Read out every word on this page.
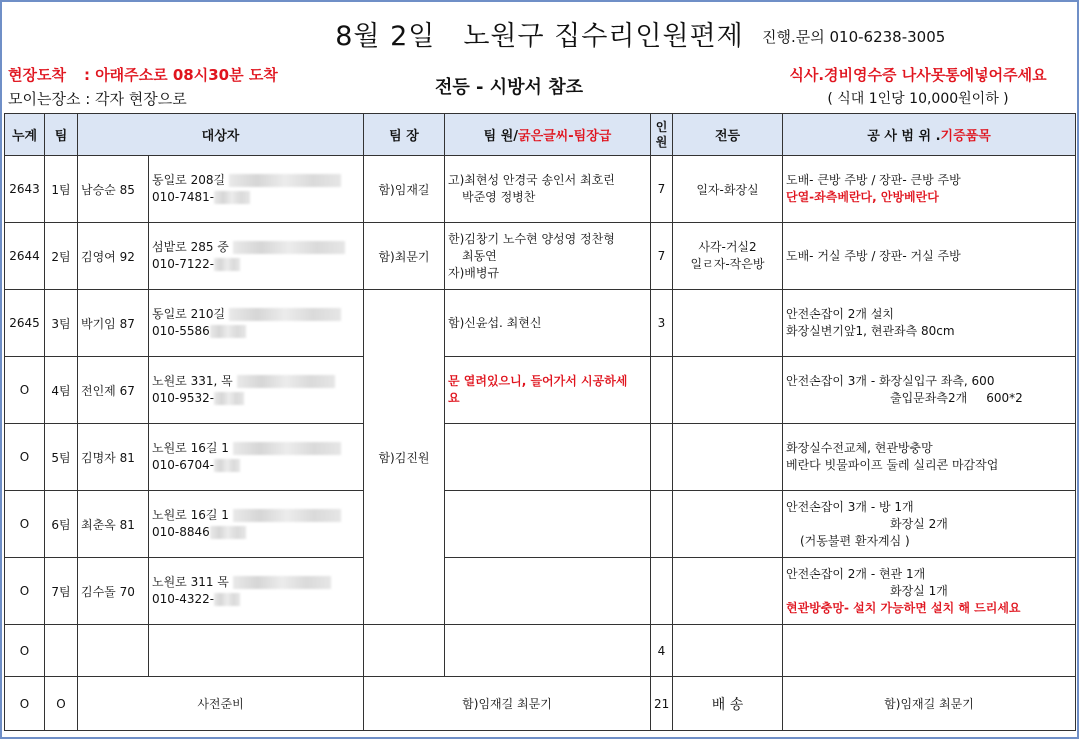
8월 2일 노원구 집수리인원편제	진행.문의 010-6238-3005
현장도착 : 아래주소로 08시30분 도착
모이는장소 : 각자 현장으로
전등 - 시방서 참조
식사.경비영수증 나사못통에넣어주세요
( 식대 1인당 10,000원이하 )
누계	팀	대상자		팀 장	팀 원/굵은글씨-팀장급	인
원	전등	공 사 범 위 .기증품목
2643	1팀	남승순 85	동일로 208길
010-7481-	함)임재길	고)최현성 안경국 송인서 최호린
박준영 정병찬	7	일자-화장실	도배- 큰방 주방 / 장판- 큰방 주방
단열-좌측베란다, 안방베란다

2644	2팀	김영여 92	섬밭로 285 중
010-7122-	함)최문기	한)김창기 노수현 양성영 정찬형
최동연
자)배병규	7	사각-거실2
일ㄹ자-작은방	도배- 거실 주방 / 장판- 거실 주방

2645	3팀	박기임 87	동일로 210길
010-5586	함)김진원	함)신윤섭. 최현신	3		안전손잡이 2개 설치
화장실변기앞1, 현관좌측 80cm

O	4팀	전인제 67	노원로 331, 목
010-9532-		문 열려있으니, 들어가서 시공하세
요			안전손잡이 3개 - 화장실입구 좌측, 600
출입문좌측2개     600*2

O	5팀	김명자 81	노원로 16길 1
010-6704-					화장실수전교체, 현관방충망
베란다 빗물파이프 둘레 실리콘 마감작업

O	6팀	최춘옥 81	노원로 16길 1
010-8846					안전손잡이 3개 - 방 1개
화장실 2개
(거동불편 환자계심 )

O	7팀	김수돌 70	노원로 311 목
010-4322-					안전손잡이 2개 - 현관 1개
화장실 1개
현관방충망- 설치 가능하면 설치 해 드리세요

O						4		
O	O	사전준비		함)임재길 최문기		21	배 송	함)임재길 최문기
